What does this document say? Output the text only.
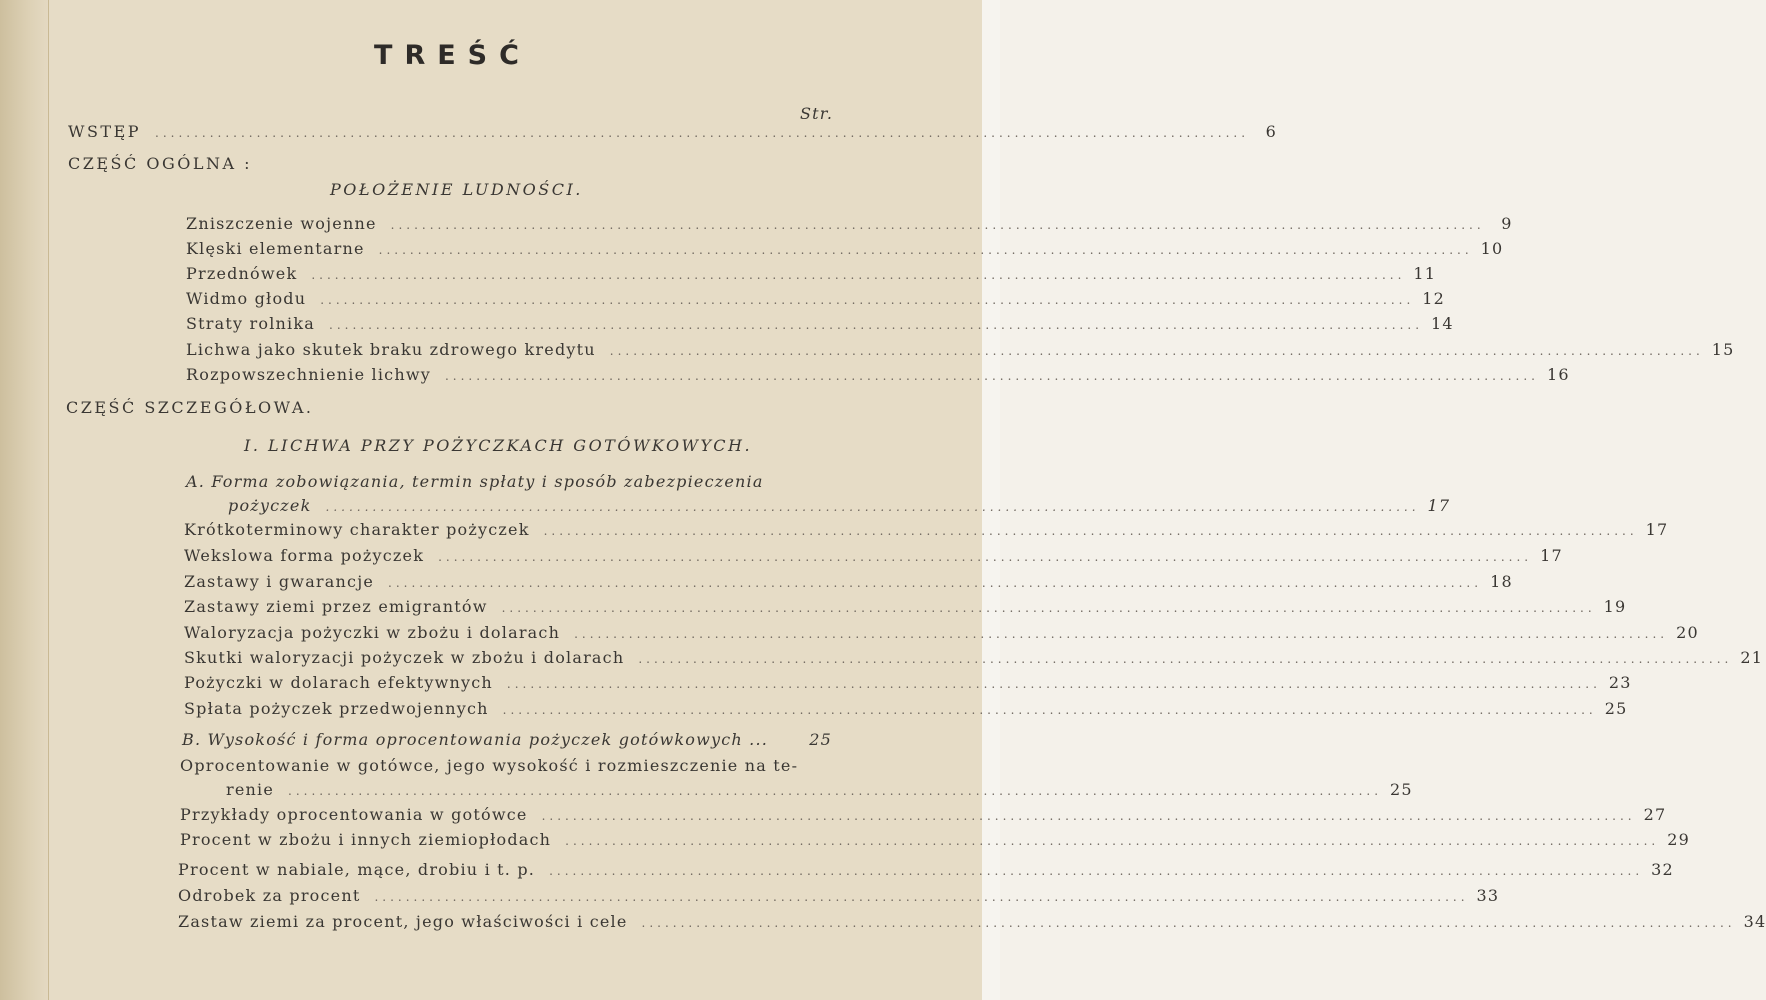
TREŚĆ
Str.
WSTĘP ............................................................................................................................................	6
CZĘŚĆ OGÓLNA :
POŁOŻENIE LUDNOŚCI.
Zniszczenie wojenne ............................................................................................................................................	9
Klęski elementarne ............................................................................................................................................ 10
Przednówek ............................................................................................................................................ 11
Widmo głodu ............................................................................................................................................ 12
Straty rolnika ............................................................................................................................................ 14
Lichwa jako skutek braku zdrowego kredytu ............................................................................................................................................ 15
Rozpowszechnienie lichwy ............................................................................................................................................ 16
CZĘŚĆ SZCZEGÓŁOWA.
I. LICHWA PRZY POŻYCZKACH GOTÓWKOWYCH.
A. Forma zobowiązania, termin spłaty i sposób zabezpieczenia
pożyczek ............................................................................................................................................ 17
Krótkoterminowy charakter pożyczek ............................................................................................................................................ 17
Wekslowa forma pożyczek ............................................................................................................................................ 17
Zastawy i gwarancje ............................................................................................................................................ 18
Zastawy ziemi przez emigrantów ............................................................................................................................................ 19
Waloryzacja pożyczki w zbożu i dolarach ............................................................................................................................................ 20
Skutki waloryzacji pożyczek w zbożu i dolarach ............................................................................................................................................ 21
Pożyczki w dolarach efektywnych ............................................................................................................................................ 23
Spłata pożyczek przedwojennych ............................................................................................................................................ 25
B. Wysokość i forma oprocentowania pożyczek gotówkowych ...	25
Oprocentowanie w gotówce, jego wysokość i rozmieszczenie na te-
renie ............................................................................................................................................ 25
Przykłady oprocentowania w gotówce ............................................................................................................................................ 27
Procent w zbożu i innych ziemiopłodach ............................................................................................................................................ 29
Procent w nabiale, mące, drobiu i t. p. ............................................................................................................................................ 32
Odrobek za procent ............................................................................................................................................ 33
Zastaw ziemi za procent, jego właściwości i cele ............................................................................................................................................ 34
